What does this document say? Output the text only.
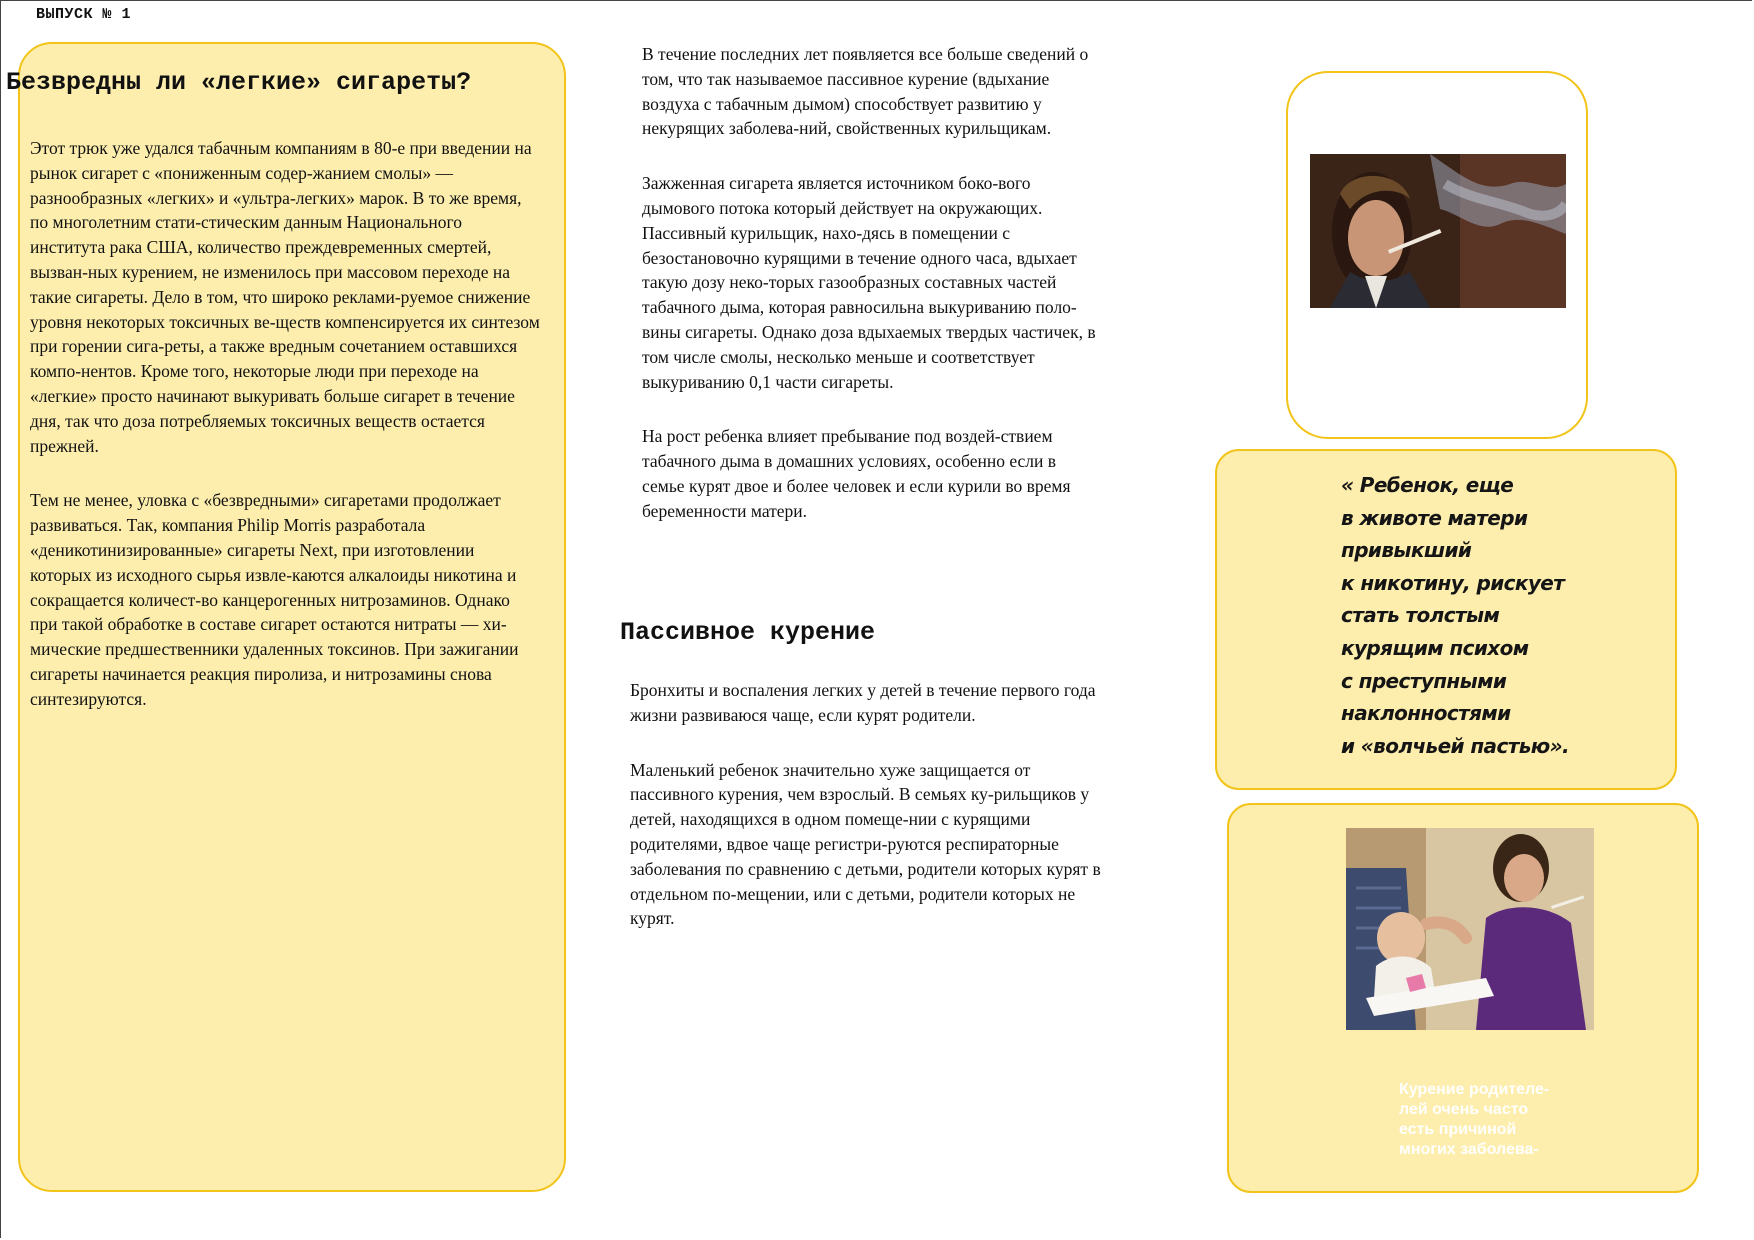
ВЫПУСК № 1
Безвредны ли «легкие» сигареты?

Этот трюк уже удался табачным компаниям в 80-е при введении на рынок сигарет с «пониженным содер-жанием смолы» — разнообразных «легких» и «ультра-легких» марок. В то же время, по многолетним стати-стическим данным Национального института рака США, количество преждевременных смертей, вызван-ных курением, не изменилось при массовом переходе на такие сигареты. Дело в том, что широко реклами-руемое снижение уровня некоторых токсичных ве-ществ компенсируется их синтезом при горении сига-реты, а также вредным сочетанием оставшихся компо-нентов. Кроме того, некоторые люди при переходе на «легкие» просто начинают выкуривать больше сигарет в течение дня, так что доза потребляемых токсичных веществ остается прежней.

Тем не менее, уловка с «безвредными» сигаретами продолжает развиваться. Так, компания Philip Morris разработала «деникотинизированные» сигареты Next, при изготовлении которых из исходного сырья извле-каются алкалоиды никотина и сокращается количест-во канцерогенных нитрозаминов. Однако при такой обработке в составе сигарет остаются нитраты — хи-мические предшественники удаленных токсинов. При зажигании сигареты начинается реакция пиролиза, и нитрозамины снова синтезируются.

В течение последних лет появляется все больше сведений о том, что так называемое пассивное курение (вдыхание воздуха с табачным дымом) способствует развитию у некурящих заболева-ний, свойственных курильщикам.

Зажженная сигарета является источником боко-вого дымового потока который действует на окружающих. Пассивный курильщик, нахо-дясь в помещении с безостановочно курящими в течение одного часа, вдыхает такую дозу неко-торых газообразных составных частей табачного дыма, которая равносильна выкуриванию поло-вины сигареты. Однако доза вдыхаемых твердых частичек, в том числе смолы, несколько меньше и соответствует выкуриванию 0,1 части сигареты.

На рост ребенка влияет пребывание под воздей-ствием табачного дыма в домашних условиях, особенно если в семье курят двое и более человек и если курили во время беременности матери.

Пассивное курение

Бронхиты и воспаления легких у детей в течение первого года жизни развиваюся чаще, если курят родители.

Маленький ребенок значительно хуже защищается от пассивного курения, чем взрослый. В семьях ку-рильщиков у детей, находящихся в одном помеще-нии с курящими родителями, вдвое чаще регистри-руются респираторные заболевания по сравнению с детьми, родители которых курят в отдельном по-мещении, или с детьми, родители которых не курят.

« Ребенок, еще
в животе матери
привыкший
к никотину, рискует
стать толстым
курящим психом
с преступными
наклонностями
и «волчьей пастью».
Курение родителе-
лей очень часто
есть причиной
многих заболева-
